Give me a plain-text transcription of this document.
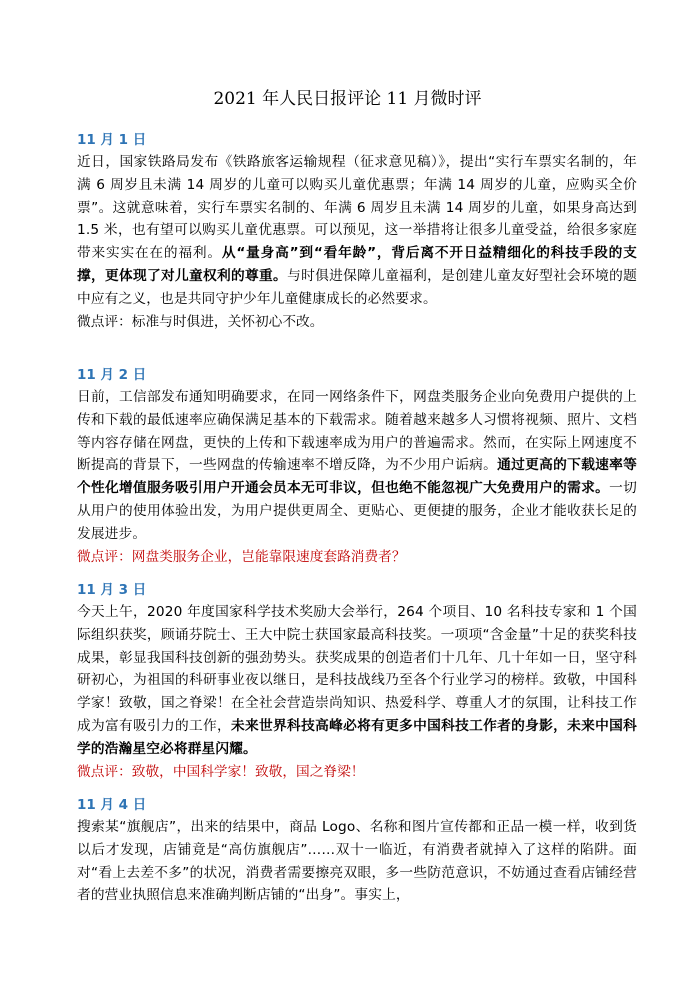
2021 年人民日报评论 11 月微时评
11 月 1 日
近日，国家铁路局发布《铁路旅客运输规程（征求意见稿）》，提出“实行车票实名制的，年满 6 周岁且未满 14 周岁的儿童可以购买儿童优惠票；年满 14 周岁的儿童，应购买全价票”。这就意味着，实行车票实名制的、年满 6 周岁且未满 14 周岁的儿童，如果身高达到 1.5 米，也有望可以购买儿童优惠票。可以预见，这一举措将让很多儿童受益，给很多家庭带来实实在在的福利。从“量身高”到“看年龄”，背后离不开日益精细化的科技手段的支撑，更体现了对儿童权利的尊重。与时俱进保障儿童福利，是创建儿童友好型社会环境的题中应有之义，也是共同守护少年儿童健康成长的必然要求。
微点评：标准与时俱进，关怀初心不改。
11 月 2 日
日前，工信部发布通知明确要求，在同一网络条件下，网盘类服务企业向免费用户提供的上传和下载的最低速率应确保满足基本的下载需求。随着越来越多人习惯将视频、照片、文档等内容存储在网盘，更快的上传和下载速率成为用户的普遍需求。然而，在实际上网速度不断提高的背景下，一些网盘的传输速率不增反降，为不少用户诟病。通过更高的下载速率等个性化增值服务吸引用户开通会员本无可非议，但也绝不能忽视广大免费用户的需求。一切从用户的使用体验出发，为用户提供更周全、更贴心、更便捷的服务，企业才能收获长足的发展进步。
微点评：网盘类服务企业，岂能靠限速度套路消费者？
11 月 3 日
今天上午，2020 年度国家科学技术奖励大会举行，264 个项目、10 名科技专家和 1 个国际组织获奖，顾诵芬院士、王大中院士获国家最高科技奖。一项项“含金量”十足的获奖科技成果，彰显我国科技创新的强劲势头。获奖成果的创造者们十几年、几十年如一日，坚守科研初心，为祖国的科研事业夜以继日，是科技战线乃至各个行业学习的榜样。致敬，中国科学家！致敬，国之脊梁！在全社会营造崇尚知识、热爱科学、尊重人才的氛围，让科技工作成为富有吸引力的工作，未来世界科技高峰必将有更多中国科技工作者的身影，未来中国科学的浩瀚星空必将群星闪耀。
微点评：致敬，中国科学家！致敬，国之脊梁！
11 月 4 日
搜索某“旗舰店”，出来的结果中，商品 Logo、名称和图片宣传都和正品一模一样，收到货以后才发现，店铺竟是“高仿旗舰店”……双十一临近，有消费者就掉入了这样的陷阱。面对“看上去差不多”的状况，消费者需要擦亮双眼，多一些防范意识，不妨通过查看店铺经营者的营业执照信息来准确判断店铺的“出身”。事实上，
